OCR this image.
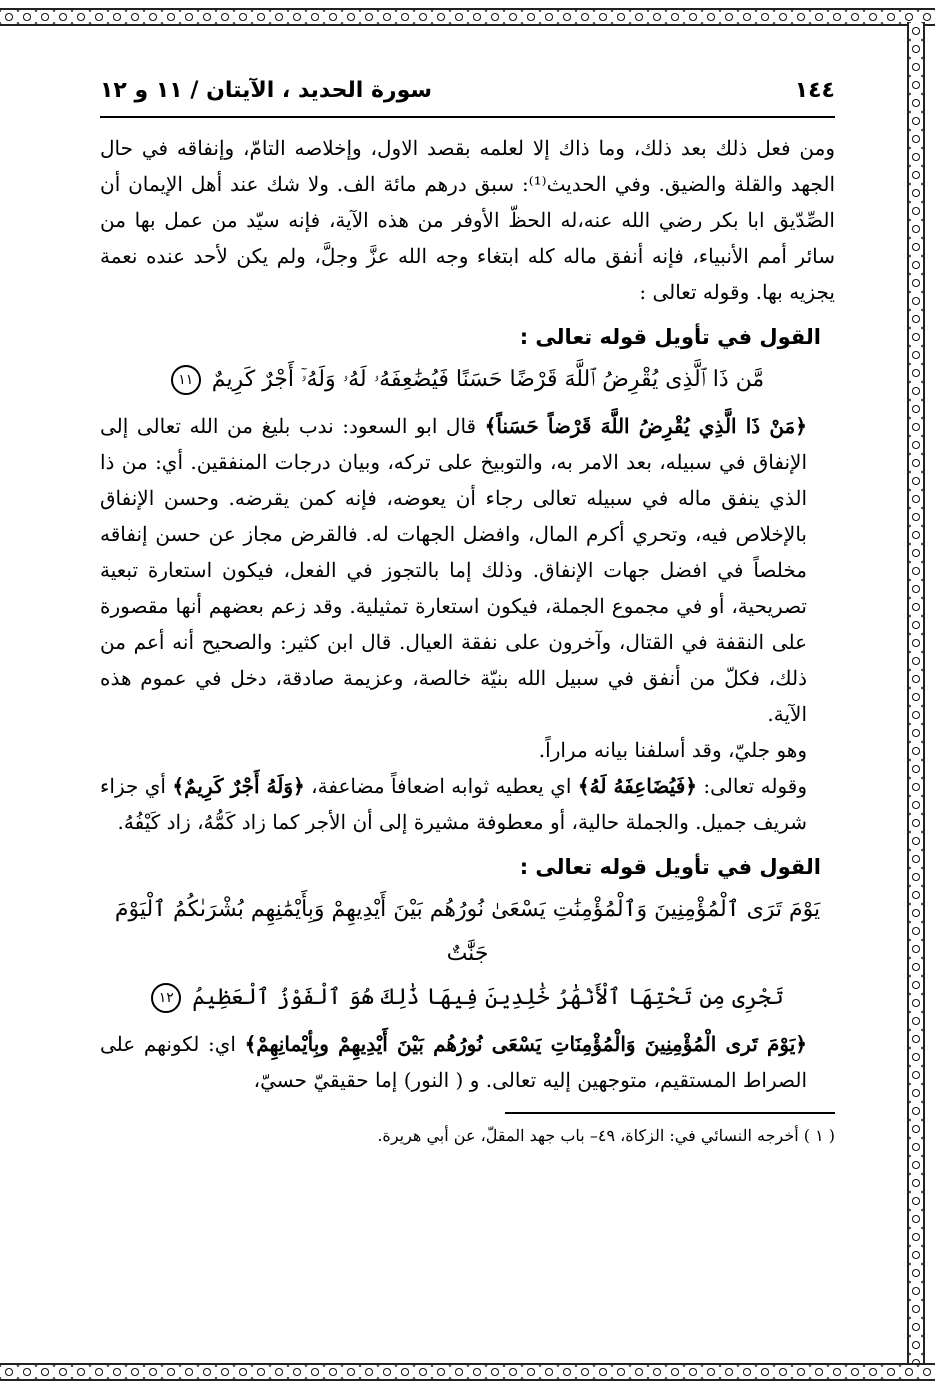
١٤٤
سورة الحديد ، الآيتان / ١١ و ١٢

ومن فعل ذلك بعد ذلك، وما ذاك إلا لعلمه بقصد الاول، وإخلاصه التامّ، وإنفاقه في حال الجهد والقلة والضيق. وفي الحديث⁽¹⁾: سبق درهم مائة الف. ولا شك عند أهل الإيمان أن الصِّدّيق ابا بكر رضي الله عنه،له الحظّ الأوفر من هذه الآية، فإنه سيّد من عمل بها من سائر أمم الأنبياء، فإنه أنفق ماله كله ابتغاء وجه الله عزَّ وجلَّ، ولم يكن لأحد عنده نعمة يجزيه بها. وقوله تعالى :

القول في تأويل قوله تعالى :
مَّن ذَا ٱلَّذِى يُقْرِضُ ٱللَّهَ قَرْضًا حَسَنًا فَيُضَٰعِفَهُۥ لَهُۥ وَلَهُۥٓ أَجْرٌ كَرِيمٌ ١١

﴿مَنْ ذَا الَّذِي يُقْرِضُ اللَّهَ قَرْضاً حَسَناً﴾ قال ابو السعود: ندب بليغ من الله تعالى إلى الإنفاق في سبيله، بعد الامر به، والتوبيخ على تركه، وبيان درجات المنفقين. أي: من ذا الذي ينفق ماله في سبيله تعالى رجاء أن يعوضه، فإنه كمن يقرضه. وحسن الإنفاق بالإخلاص فيه، وتحري أكرم المال، وافضل الجهات له. فالقرض مجاز عن حسن إنفاقه مخلصاً في افضل جهات الإنفاق. وذلك إما بالتجوز في الفعل، فيكون استعارة تبعية تصريحية، أو في مجموع الجملة، فيكون استعارة تمثيلية. وقد زعم بعضهم أنها مقصورة على النقفة في القتال، وآخرون على نفقة العيال. قال ابن كثير: والصحيح أنه أعم من ذلك، فكلّ من أنفق في سبيل الله بنيّة خالصة، وعزيمة صادقة، دخل في عموم هذه الآية.

وهو جليّ، وقد أسلفنا بيانه مراراً.

وقوله تعالى: ﴿فَيُضَاعِفَهُ لَهُ﴾ اي يعطيه ثوابه اضعافاً مضاعفة، ﴿وَلَهُ أَجْرٌ كَرِيمٌ﴾ أي جزاء شريف جميل. والجملة حالية، أو معطوفة مشيرة إلى أن الأجر كما زاد كَمُّهُ، زاد كَيْفُهُ.

القول في تأويل قوله تعالى :
يَوْمَ تَرَى ٱلْمُؤْمِنِينَ وَٱلْمُؤْمِنَٰتِ يَسْعَىٰ نُورُهُم بَيْنَ أَيْدِيهِمْ وَبِأَيْمَٰنِهِم بُشْرَىٰكُمُ ٱلْيَوْمَ جَنَّٰتٌ
تَجْرِى مِن تَحْتِهَا ٱلْأَنْهَٰرُ خَٰلِدِينَ فِيهَا ذَٰلِكَ هُوَ ٱلْفَوْزُ ٱلْعَظِيمُ ١٢

﴿يَوْمَ تَرى الْمُؤْمِنِينَ وَالْمُؤْمِنَاتِ يَسْعَى نُورُهُم بَيْنَ أَيْدِيهِمْ وبِأيْمانِهِمْ﴾ اي: لكونهم على الصراط المستقيم، متوجهين إليه تعالى. و ( النور) إما حقيقيّ حسيّ،

( ١ ) أخرجه النسائي في: الزكاة، ٤٩– باب جهد المقلّ، عن أبي هريرة.
